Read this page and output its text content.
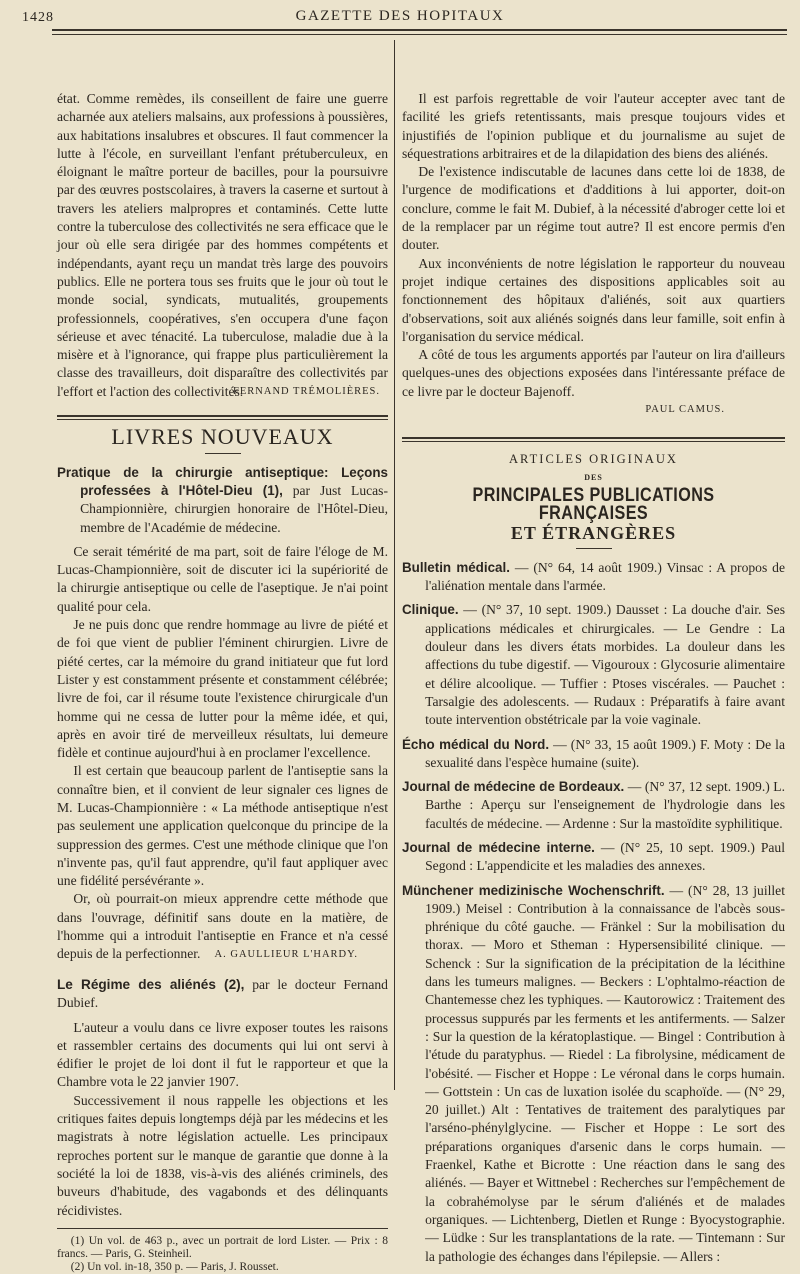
1428	GAZETTE DES HOPITAUX

état. Comme remèdes, ils conseillent de faire une guerre acharnée aux ateliers malsains, aux professions à poussières, aux habitations insalubres et obscures. Il faut commencer la lutte à l'école, en surveillant l'enfant prétuberculeux, en éloignant le maître porteur de bacilles, pour la poursuivre par des œuvres postscolaires, à travers la caserne et surtout à travers les ateliers malpropres et contaminés. Cette lutte contre la tuberculose des collectivités ne sera efficace que le jour où elle sera dirigée par des hommes compétents et indépendants, ayant reçu un mandat très large des pouvoirs publics. Elle ne portera tous ses fruits que le jour où tout le monde social, syndicats, mutualités, groupements professionnels, coopératives, s'en occupera d'une façon sérieuse et avec ténacité. La tuberculose, maladie due à la misère et à l'ignorance, qui frappe plus particulièrement la classe des travailleurs, doit disparaître des collectivités par l'effort et l'action des collectivités.

FERNAND TRÉMOLIÈRES.
LIVRES NOUVEAUX

Pratique de la chirurgie antiseptique: Leçons professées à l'Hôtel-Dieu (1), par Just Lucas-Championnière, chirurgien honoraire de l'Hôtel-Dieu, membre de l'Académie de médecine.

Ce serait témérité de ma part, soit de faire l'éloge de M. Lucas-Championnière, soit de discuter ici la supériorité de la chirurgie antiseptique ou celle de l'aseptique. Je n'ai point qualité pour cela.

Je ne puis donc que rendre hommage au livre de piété et de foi que vient de publier l'éminent chirurgien. Livre de piété certes, car la mémoire du grand initiateur que fut lord Lister y est constamment présente et constamment célébrée; livre de foi, car il résume toute l'existence chirurgicale d'un homme qui ne cessa de lutter pour la même idée, et qui, après en avoir tiré de merveilleux résultats, lui demeure fidèle et continue aujourd'hui à en proclamer l'excellence.

Il est certain que beaucoup parlent de l'antiseptie sans la connaître bien, et il convient de leur signaler ces lignes de M. Lucas-Championnière : « La méthode antiseptique n'est pas seulement une application quelconque du principe de la suppression des germes. C'est une méthode clinique que l'on n'invente pas, qu'il faut apprendre, qu'il faut appliquer avec une fidélité persévérante ».

Or, où pourrait-on mieux apprendre cette méthode que dans l'ouvrage, définitif sans doute en la matière, de l'homme qui a introduit l'antiseptie en France et n'a cessé depuis de la perfectionner.	A. GAULLIEUR L'HARDY.

Le Régime des aliénés (2), par le docteur Fernand Dubief.

L'auteur a voulu dans ce livre exposer toutes les raisons et rassembler certains des documents qui lui ont servi à édifier le projet de loi dont il fut le rapporteur et que la Chambre vota le 22 janvier 1907.

Successivement il nous rappelle les objections et les critiques faites depuis longtemps déjà par les médecins et les magistrats à notre législation actuelle. Les principaux reproches portent sur le manque de garantie que donne à la société la loi de 1838, vis-à-vis des aliénés criminels, des buveurs d'habitude, des vagabonds et des délinquants récidivistes.

(1) Un vol. de 463 p., avec un portrait de lord Lister. — Prix : 8 francs. — Paris, G. Steinheil.

(2) Un vol. in-18, 350 p. — Paris, J. Rousset.

Il est parfois regrettable de voir l'auteur accepter avec tant de facilité les griefs retentissants, mais presque toujours vides et injustifiés de l'opinion publique et du journalisme au sujet de séquestrations arbitraires et de la dilapidation des biens des aliénés.

De l'existence indiscutable de lacunes dans cette loi de 1838, de l'urgence de modifications et d'additions à lui apporter, doit-on conclure, comme le fait M. Dubief, à la nécessité d'abroger cette loi et de la remplacer par un régime tout autre? Il est encore permis d'en douter.

Aux inconvénients de notre législation le rapporteur du nouveau projet indique certaines des dispositions applicables soit au fonctionnement des hôpitaux d'aliénés, soit aux quartiers d'observations, soit aux aliénés soignés dans leur famille, soit enfin à l'organisation du service médical.

A côté de tous les arguments apportés par l'auteur on lira d'ailleurs quelques-unes des objections exposées dans l'intéressante préface de ce livre par le docteur Bajenoff.

PAUL CAMUS.
ARTICLES ORIGINAUX
DES
PRINCIPALES PUBLICATIONS FRANÇAISES
ET ÉTRANGÈRES

Bulletin médical. — (N° 64, 14 août 1909.) Vinsac : A propos de l'aliénation mentale dans l'armée.

Clinique. — (N° 37, 10 sept. 1909.) Dausset : La douche d'air. Ses applications médicales et chirurgicales. — Le Gendre : La douleur dans les divers états morbides. La douleur dans les affections du tube digestif. — Vigouroux : Glycosurie alimentaire et délire alcoolique. — Tuffier : Ptoses viscérales. — Pauchet : Tarsalgie des adolescents. — Rudaux : Préparatifs à faire avant toute intervention obstétricale par la voie vaginale.

Écho médical du Nord. — (N° 33, 15 août 1909.) F. Moty : De la sexualité dans l'espèce humaine (suite).

Journal de médecine de Bordeaux. — (N° 37, 12 sept. 1909.) L. Barthe : Aperçu sur l'enseignement de l'hydrologie dans les facultés de médecine. — Ardenne : Sur la mastoïdite syphilitique.

Journal de médecine interne. — (N° 25, 10 sept. 1909.) Paul Segond : L'appendicite et les maladies des annexes.

Münchener medizinische Wochenschrift. — (N° 28, 13 juillet 1909.) Meisel : Contribution à la connaissance de l'abcès sous-phrénique du côté gauche. — Fränkel : Sur la mobilisation du thorax. — Moro et Stheman : Hypersensibilité clinique. — Schenck : Sur la signification de la précipitation de la lécithine dans les tumeurs malignes. — Beckers : L'ophtalmo-réaction de Chantemesse chez les typhiques. — Kautorowicz : Traitement des processus suppurés par les ferments et les antiferments. — Salzer : Sur la question de la kératoplastique. — Bingel : Contribution à l'étude du paratyphus. — Riedel : La fibrolysine, médicament de l'obésité. — Fischer et Hoppe : Le véronal dans le corps humain. — Gottstein : Un cas de luxation isolée du scaphoïde. — (N° 29, 20 juillet.) Alt : Tentatives de traitement des paralytiques par l'arséno-phénylglycine. — Fischer et Hoppe : Le sort des préparations organiques d'arsenic dans le corps humain. — Fraenkel, Kathe et Bicrotte : Une réaction dans le sang des aliénés. — Bayer et Wittnebel : Recherches sur l'empêchement de la cobrahémolyse par le sérum d'aliénés et de malades organiques. — Lichtenberg, Dietlen et Runge : Byocystographie. — Lüdke : Sur les transplantations de la rate. — Tintemann : Sur la pathologie des échanges dans l'épilepsie. — Allers :
